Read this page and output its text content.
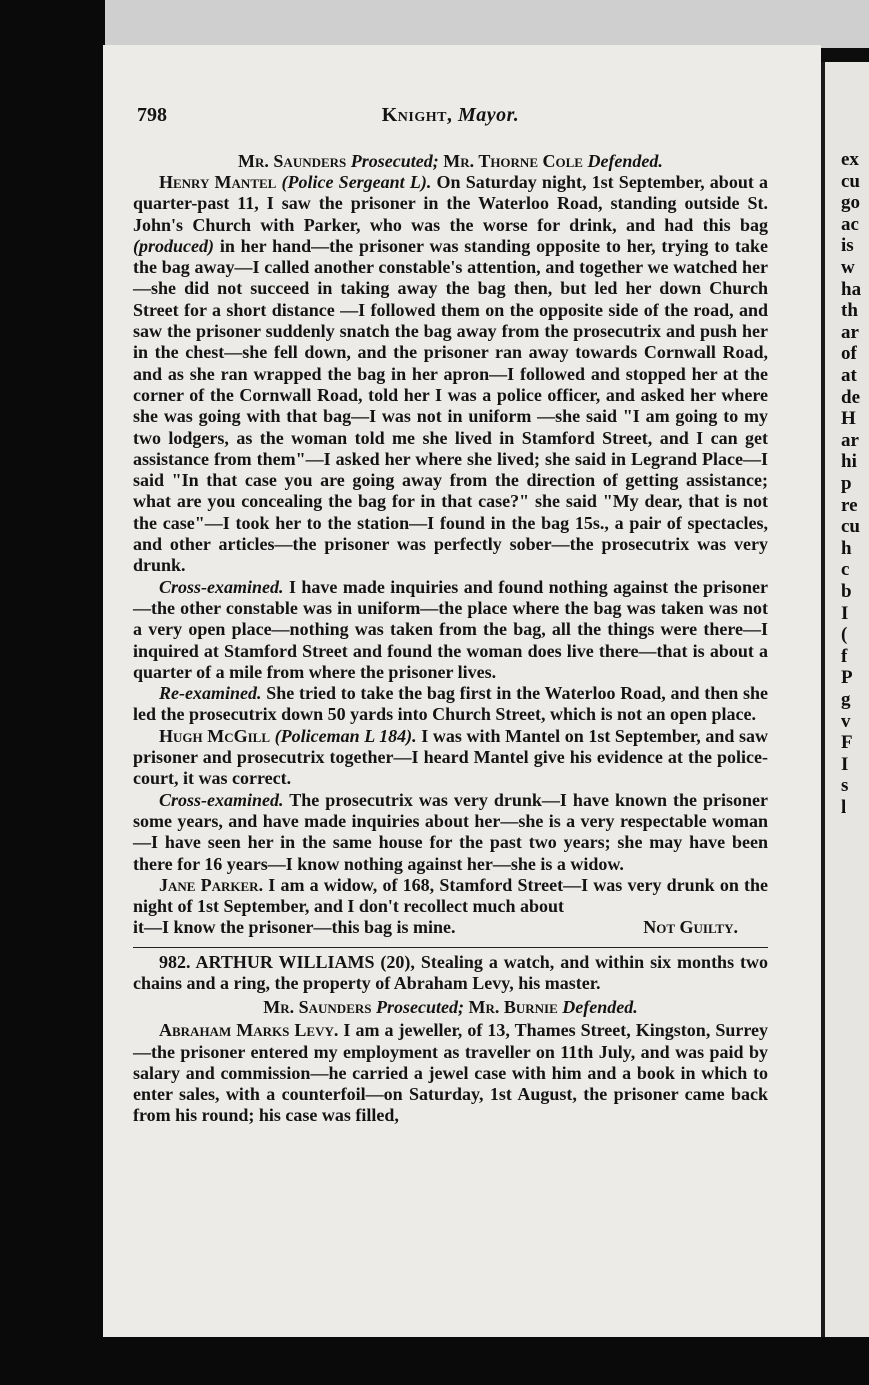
ex
cu
go
ac
is
w
ha
th
ar
of
at
de
H
ar
hi
p
re
cu
h
c
b
I
(
f
P
g
v
F
I
s
l
798	Knight, Mayor.
Mr. Saunders Prosecuted; Mr. Thorne Cole Defended.

Henry Mantel (Police Sergeant L). On Saturday night, 1st September, about a quarter-past 11, I saw the prisoner in the Waterloo Road, standing outside St. John's Church with Parker, who was the worse for drink, and had this bag (produced) in her hand—the prisoner was standing opposite to her, trying to take the bag away—I called another constable's attention, and together we watched her—she did not succeed in taking away the bag then, but led her down Church Street for a short distance —I followed them on the opposite side of the road, and saw the prisoner suddenly snatch the bag away from the prosecutrix and push her in the chest—she fell down, and the prisoner ran away towards Cornwall Road, and as she ran wrapped the bag in her apron—I followed and stopped her at the corner of the Cornwall Road, told her I was a police officer, and asked her where she was going with that bag—I was not in uniform —she said "I am going to my two lodgers, as the woman told me she lived in Stamford Street, and I can get assistance from them"—I asked her where she lived; she said in Legrand Place—I said "In that case you are going away from the direction of getting assistance; what are you concealing the bag for in that case?" she said "My dear, that is not the case"—I took her to the station—I found in the bag 15s., a pair of spectacles, and other articles—the prisoner was perfectly sober—the prosecutrix was very drunk.

Cross-examined. I have made inquiries and found nothing against the prisoner—the other constable was in uniform—the place where the bag was taken was not a very open place—nothing was taken from the bag, all the things were there—I inquired at Stamford Street and found the woman does live there—that is about a quarter of a mile from where the prisoner lives.

Re-examined. She tried to take the bag first in the Waterloo Road, and then she led the prosecutrix down 50 yards into Church Street, which is not an open place.

Hugh McGill (Policeman L 184). I was with Mantel on 1st September, and saw prisoner and prosecutrix together—I heard Mantel give his evidence at the police-court, it was correct.

Cross-examined. The prosecutrix was very drunk—I have known the prisoner some years, and have made inquiries about her—she is a very respectable woman—I have seen her in the same house for the past two years; she may have been there for 16 years—I know nothing against her—she is a widow.

Jane Parker. I am a widow, of 168, Stamford Street—I was very drunk on the night of 1st September, and I don't recollect much about

it—I know the prisoner—this bag is mine.	Not Guilty.

982. ARTHUR WILLIAMS (20), Stealing a watch, and within six months two chains and a ring, the property of Abraham Levy, his master.

Mr. Saunders Prosecuted; Mr. Burnie Defended.

Abraham Marks Levy. I am a jeweller, of 13, Thames Street, Kingston, Surrey—the prisoner entered my employment as traveller on 11th July, and was paid by salary and commission—he carried a jewel case with him and a book in which to enter sales, with a counterfoil—on Saturday, 1st August, the prisoner came back from his round; his case was filled,
